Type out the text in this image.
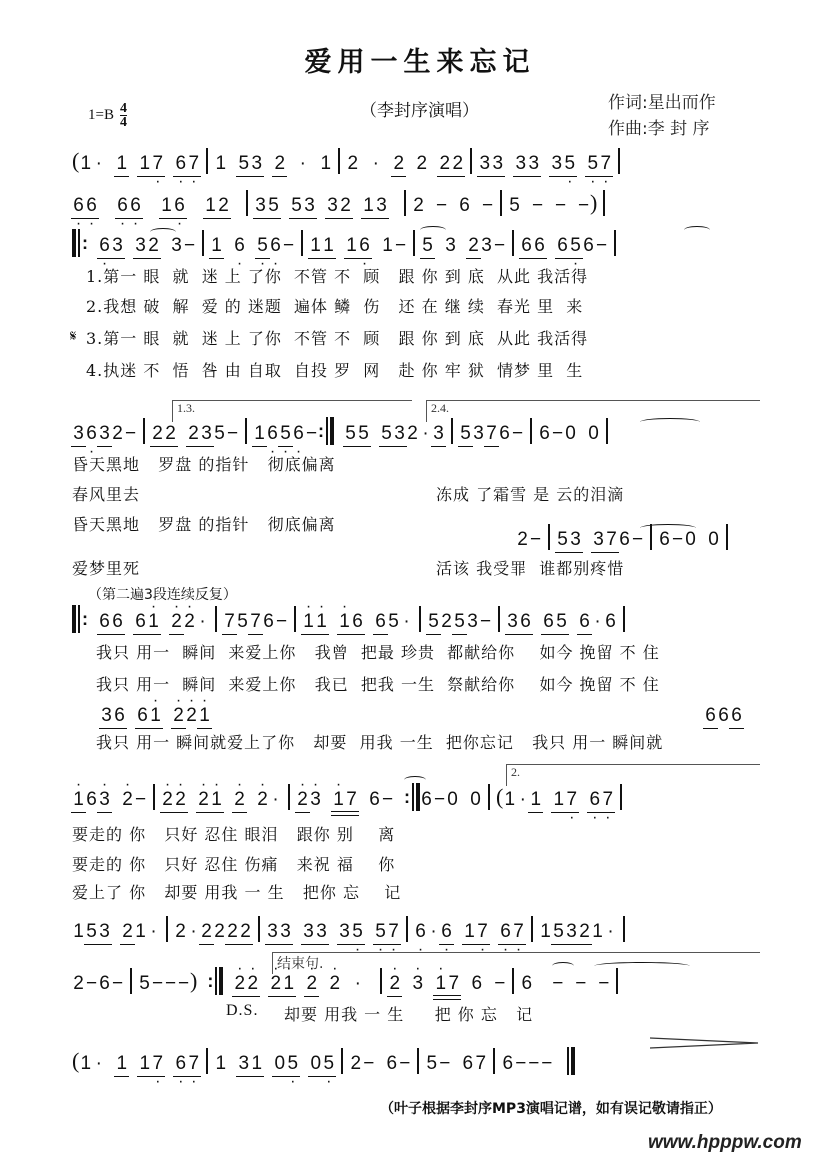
爱用一生来忘记
$1=B \frac{4}{4}$	（李封序演唱）	作词:星出而作
作曲:李 封 序
( 1 · 1 1 · 7 · 6 · 7 1 5 3 2 · 1 2 · 2 2 2 2 3 3 3 3 3 · 5 · 5 · 7
· 6 · 6 · 6 · 6 1 · 6 1 2 3 5 5 3 3 2 1 3 2 − 6 − 5 − − − )
: · 6 3 3 2 3 − 1 · 6 · 5 · 6 − 1 1 1 · 6 1 − 5 3 2 3 − 6 6 6 · 5 6 −
1.第一 眼  就  迷 上 了你  不管 不  顾   跟 你 到 底  从此 我活得
2.我想 破  解  爱 的 迷题  遍体 鳞  伤   还 在 继 续  春光 里  来
𝄋 3.第一 眼  就  迷 上 了你  不管 不  顾   跟 你 到 底  从此 我活得
4.执迷 不  悟  咎 由 自取  自投 罗  网   赴 你 牢 狱  情梦 里  生
1.3.	2.4.
3 · 6 3 2 − 2 2 2 3 5 − 1 · 6 · 5 · 6 − : 5 5 5 3 2 · 3 5 3 7 6 − 6 − 0 0
昏天黑地   罗盘 的指针   彻底偏离
春风里去	冻成 了霜雪 是 云的泪滴
昏天黑地   罗盘 的指针   彻底偏离
2 − 5 3 3 7 6 − 6 − 0 0
爱梦里死	活该 我受罪  谁都别疼惜
（第二遍3段连续反复）
: 6 6 6 · 1 · 2 · 2 · 7 5 7 6 − · 1 · 1 · 1 6 6 5 · 5 2 5 3 − 3 6 6 5 6 · 6
我只 用一  瞬间  来爱上你   我曾  把最 珍贵  都献给你    如今 挽留 不 住
我只 用一  瞬间  来爱上你   我已  把我 一生  祭献给你    如今 挽留 不 住
3 6 6 · 1 · 2 · 2 · 1	6 6 6
我只 用一 瞬间就爱上了你   却要  用我 一生  把你忘记   我只 用一 瞬间就
2.
· 1 6 · 3 · 2 − · 2 · 2 · 2 · 1 · 2 · 2 · · 2 · 3 · 1 7 6 − : 6 − 0 0 ( 1 · 1 1 · 7 · 6 · 7
要走的 你   只好 忍住 眼泪   跟你 别    离
要走的 你   只好 忍住 伤痛   来祝 福    你
爱上了 你   却要 用我 一 生   把你 忘    记
1 5 3 2 1 · 2 · 2 2 2 2 3 3 3 3 3 · 5 · 5 · 7 · 6 · · 6 1 · 7 · 6 · 7 1 5 3 2 1 ·
结束句.
2 − 6 − 5 − − − ) : · 2 · 2 · 2 · 1 · 2 · 2 · · 2 · 3 · 1 7 6 − 6 − − −
D.S. 却要 用我 一 生     把 你 忘   记
( 1 · 1 1 · 7 · 6 · 7 1 3 1 0 · 5 0 · 5 2 − 6 − 5 − 6 7 6 − − −
（叶子根据李封序MP3演唱记谱，如有误记敬请指正）
www.hpppw.com
